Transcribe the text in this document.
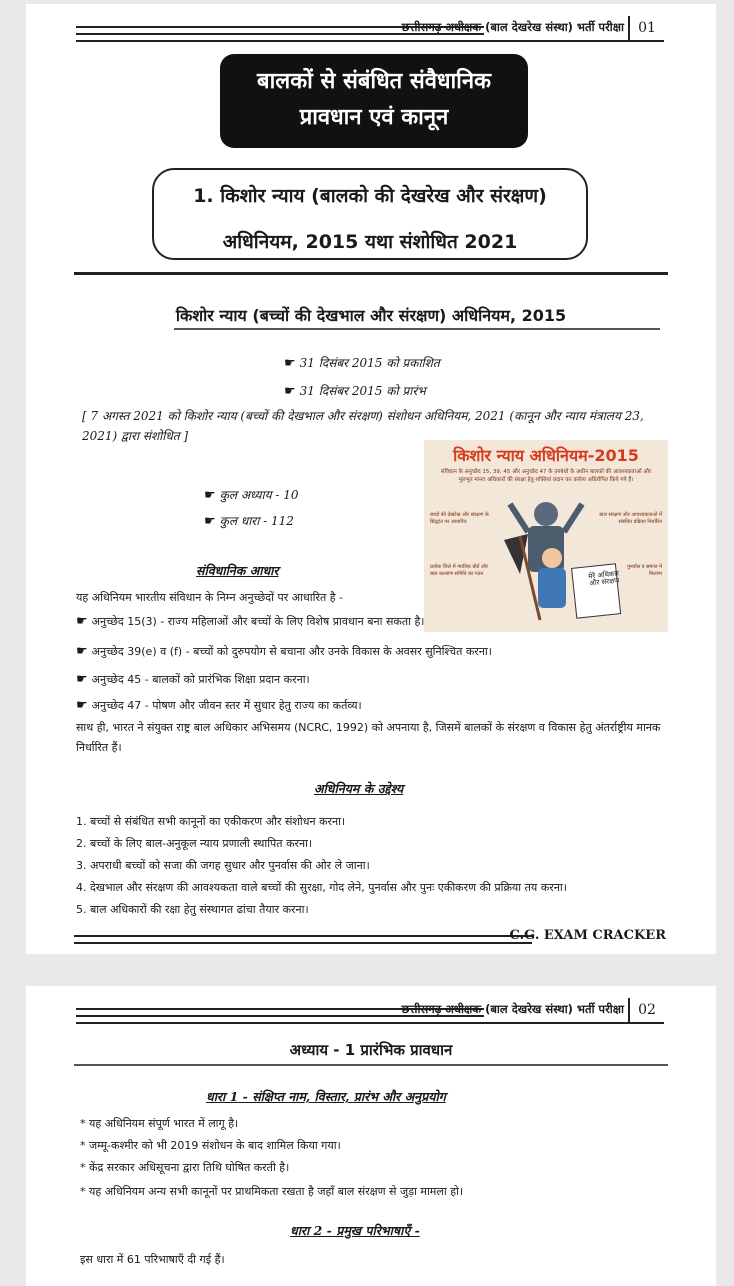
छत्तीसगढ़ अधीक्षक (बाल देखरेख संस्था) भर्ती परीक्षा	01
बालकों से संबंधित संवैधानिक
प्रावधान एवं कानून
1. किशोर न्याय (बालको की देखरेख और संरक्षण)
अधिनियम, 2015 यथा संशोधित 2021
किशोर न्याय (बच्चों की देखभाल और संरक्षण) अधिनियम, 2015
☛ 31 दिसंबर 2015 को प्रकाशित
☛ 31 दिसंबर 2015 को प्रारंभ
[ 7 अगस्त 2021 को किशोर न्याय (बच्चों की देखभाल और संरक्षण) संशोधन अधिनियम, 2021 (कानून और न्याय मंत्रालय 23, 2021) द्वारा संशोधित ]
☛ कुल अध्याय - 10
☛ कुल धारा - 112
किशोर न्याय अधिनियम-2015
संविधान के अनुच्छेद 15, 39, 45 और अनुच्छेद 47 के उपबंधों के अधीन बालकों की आवश्यकताओं और मूलभूत मानव अधिकारों की संरक्षा हेतु शक्तियां प्रदान कर कर्तव्य अधिरोपित किये गये हैं।
बच्चों की देखरेख और संरक्षण के सिद्धांत पर आधारित
बाल संरक्षण और आवश्यकताओं में संबंधित प्रक्रिया निर्धारित
प्रत्येक जिले में न्यायिक बोर्ड और बाल कल्याण समिति का गठन
पुनर्वास व समाज में मिलाना
मेरे अधिकार और संरक्षण
संविधानिक आधार
यह अधिनियम भारतीय संविधान के निम्न अनुच्छेदों पर आधारित है -
☛ अनुच्छेद 15(3) - राज्य महिलाओं और बच्चों के लिए विशेष प्रावधान बना सकता है।
☛ अनुच्छेद 39(e) व (f) - बच्चों को दुरुपयोग से बचाना और उनके विकास के अवसर सुनिश्चित करना।
☛ अनुच्छेद 45 - बालकों को प्रारंभिक शिक्षा प्रदान करना।
☛ अनुच्छेद 47 - पोषण और जीवन स्तर में सुधार हेतु राज्य का कर्तव्य।
साथ ही, भारत ने संयुक्त राष्ट्र बाल अधिकार अभिसमय (NCRC, 1992) को अपनाया है, जिसमें बालकों के संरक्षण व विकास हेतु अंतर्राष्ट्रीय मानक निर्धारित हैं।
अधिनियम के उद्देश्य
1. बच्चों से संबंधित सभी कानूनों का एकीकरण और संशोधन करना।
2. बच्चों के लिए बाल-अनुकूल न्याय प्रणाली स्थापित करना।
3. अपराधी बच्चों को सजा की जगह सुधार और पुनर्वास की ओर ले जाना।
4. देखभाल और संरक्षण की आवश्यकता वाले बच्चों की सुरक्षा, गोद लेने, पुनर्वास और पुनः एकीकरण की प्रक्रिया तय करना।
5. बाल अधिकारों की रक्षा हेतु संस्थागत ढांचा तैयार करना।
C.G. EXAM CRACKER
छत्तीसगढ़ अधीक्षक (बाल देखरेख संस्था) भर्ती परीक्षा	02
अध्याय - 1 प्रारंभिक प्रावधान
धारा 1 - संक्षिप्त नाम, विस्तार, प्रारंभ और अनुप्रयोग
* यह अधिनियम संपूर्ण भारत में लागू है।
* जम्मू-कश्मीर को भी 2019 संशोधन के बाद शामिल किया गया।
* केंद्र सरकार अधिसूचना द्वारा तिथि घोषित करती है।
* यह अधिनियम अन्य सभी कानूनों पर प्राथमिकता रखता है जहाँ बाल संरक्षण से जुड़ा मामला हो।
धारा 2 - प्रमुख परिभाषाएँ -
इस धारा में 61 परिभाषाएँ दी गई हैं।
